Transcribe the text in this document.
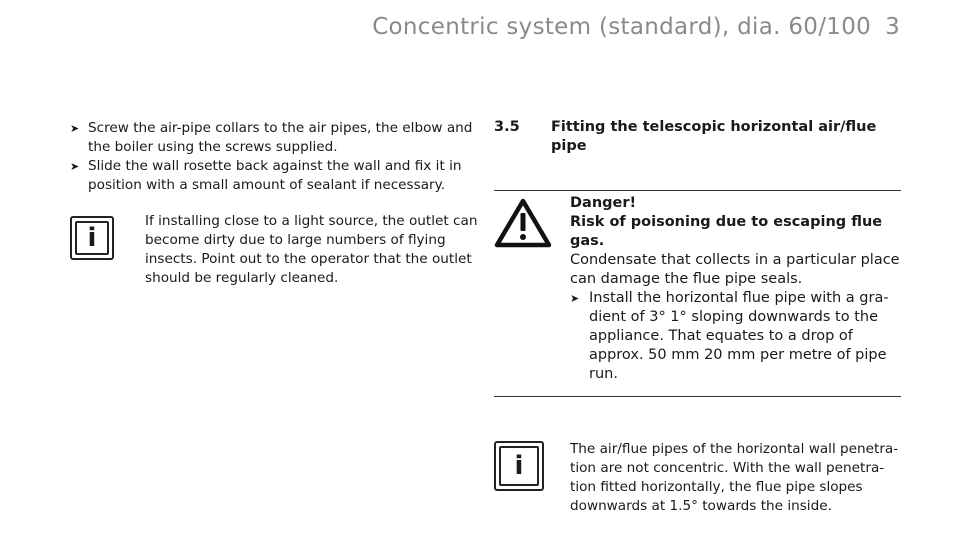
Concentric system (standard), dia. 60/100 3
➤ Screw the air-pipe collars to the air pipes, the elbow and the boiler using the screws supplied.
➤ Slide the wall rosette back against the wall and fix it in position with a small amount of sealant if necessary.
i
If installing close to a light source, the outlet can become dirty due to large numbers of flying insects. Point out to the operator that the outlet should be regularly cleaned.
3.5 Fitting the telescopic horizontal air/flue pipe
Danger!
Risk of poisoning due to escaping flue gas.
Condensate that collects in a particular place can damage the flue pipe seals.
➤ Install the horizontal flue pipe with a gra-dient of 3° 1° sloping downwards to the appliance. That equates to a drop of approx. 50 mm 20 mm per metre of pipe run.
i
The air/flue pipes of the horizontal wall penetra-tion are not concentric. With the wall penetra-tion fitted horizontally, the flue pipe slopes downwards at 1.5° towards the inside.
